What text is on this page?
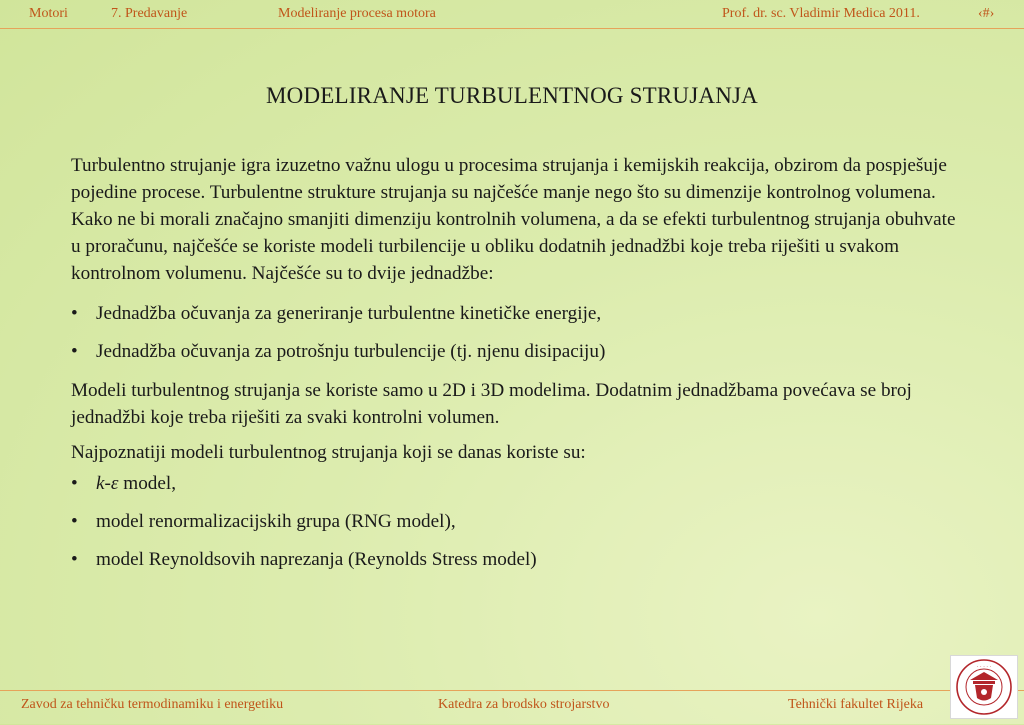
Motori	7. Predavanje	Modeliranje procesa motora	Prof. dr. sc. Vladimir Medica 2011.	‹#›
MODELIRANJE TURBULENTNOG STRUJANJA

Turbulentno strujanje igra izuzetno važnu ulogu u procesima strujanja i kemijskih reakcija, obzirom da pospješuje pojedine procese. Turbulentne strukture strujanja su najčešće manje nego što su dimenzije kontrolnog volumena. Kako ne bi morali značajno smanjiti dimenziju kontrolnih volumena, a da se efekti turbulentnog strujanja obuhvate u proračunu, najčešće se koriste modeli turbilencije u obliku dodatnih jednadžbi koje treba riješiti u svakom kontrolnom volumenu. Najčešće su to dvije jednadžbe:

• Jednadžba očuvanja za generiranje turbulentne kinetičke energije,
• Jednadžba očuvanja za potrošnju turbulencije (tj. njenu disipaciju)

Modeli turbulentnog strujanja se koriste samo u 2D i 3D modelima. Dodatnim jednadžbama povećava se broj jednadžbi koje treba riješiti za svaki kontrolni volumen.

Najpoznatiji modeli turbulentnog strujanja koji se danas koriste su:

• k-ε model,
• model renormalizacijskih grupa (RNG model),
• model Reynoldsovih naprezanja (Reynolds Stress model)
Zavod za tehničku termodinamiku i energetiku	Katedra za brodsko strojarstvo	Tehnički fakultet Rijeka
· · · · ·
